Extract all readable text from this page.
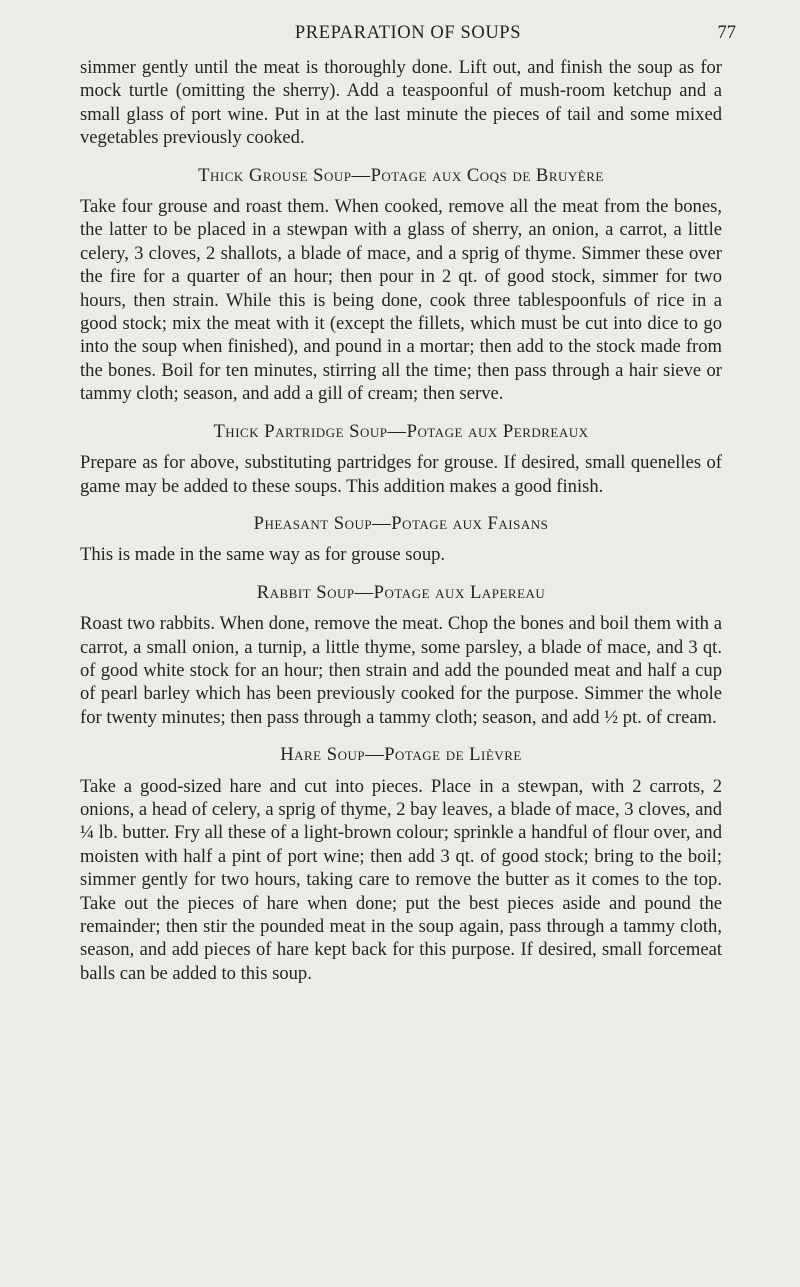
PREPARATION OF SOUPS	77

simmer gently until the meat is thoroughly done. Lift out, and finish the soup as for mock turtle (omitting the sherry). Add a teaspoonful of mush-room ketchup and a small glass of port wine. Put in at the last minute the pieces of tail and some mixed vegetables previously cooked.

Thick Grouse Soup—Potage aux Coqs de Bruyère

Take four grouse and roast them. When cooked, remove all the meat from the bones, the latter to be placed in a stewpan with a glass of sherry, an onion, a carrot, a little celery, 3 cloves, 2 shallots, a blade of mace, and a sprig of thyme. Simmer these over the fire for a quarter of an hour; then pour in 2 qt. of good stock, simmer for two hours, then strain. While this is being done, cook three tablespoonfuls of rice in a good stock; mix the meat with it (except the fillets, which must be cut into dice to go into the soup when finished), and pound in a mortar; then add to the stock made from the bones. Boil for ten minutes, stirring all the time; then pass through a hair sieve or tammy cloth; season, and add a gill of cream; then serve.

Thick Partridge Soup—Potage aux Perdreaux

Prepare as for above, substituting partridges for grouse. If desired, small quenelles of game may be added to these soups. This addition makes a good finish.

Pheasant Soup—Potage aux Faisans

This is made in the same way as for grouse soup.

Rabbit Soup—Potage aux Lapereau

Roast two rabbits. When done, remove the meat. Chop the bones and boil them with a carrot, a small onion, a turnip, a little thyme, some parsley, a blade of mace, and 3 qt. of good white stock for an hour; then strain and add the pounded meat and half a cup of pearl barley which has been previously cooked for the purpose. Simmer the whole for twenty minutes; then pass through a tammy cloth; season, and add ½ pt. of cream.

Hare Soup—Potage de Lièvre

Take a good-sized hare and cut into pieces. Place in a stewpan, with 2 carrots, 2 onions, a head of celery, a sprig of thyme, 2 bay leaves, a blade of mace, 3 cloves, and ¼ lb. butter. Fry all these of a light-brown colour; sprinkle a handful of flour over, and moisten with half a pint of port wine; then add 3 qt. of good stock; bring to the boil; simmer gently for two hours, taking care to remove the butter as it comes to the top. Take out the pieces of hare when done; put the best pieces aside and pound the remainder; then stir the pounded meat in the soup again, pass through a tammy cloth, season, and add pieces of hare kept back for this purpose. If desired, small forcemeat balls can be added to this soup.
